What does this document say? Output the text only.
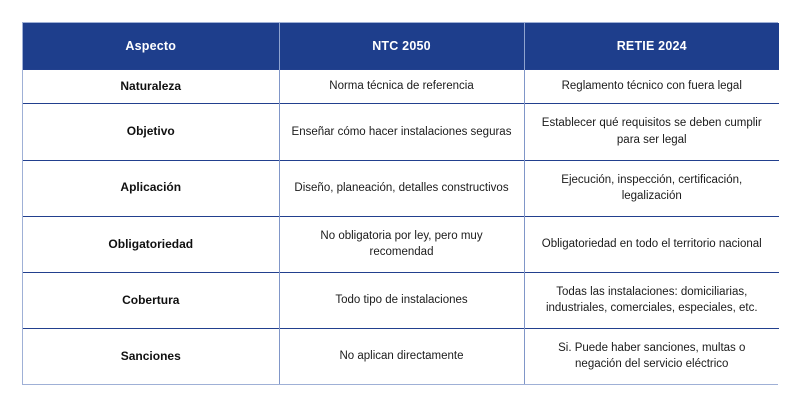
Aspecto	NTC 2050	RETIE 2024

Naturaleza	Norma técnica de referencia	Reglamento técnico con fuera legal

Objetivo	Enseñar cómo hacer instalaciones seguras	Establecer qué requisitos se deben cumplir para ser legal

Aplicación	Diseño, planeación, detalles constructivos	Ejecución, inspección, certificación, legalización

Obligatoriedad	No obligatoria por ley, pero muy recomendad	Obligatoriedad en todo el territorio nacional

Cobertura	Todo tipo de instalaciones	Todas las instalaciones: domiciliarias, industriales, comerciales, especiales, etc.

Sanciones	No aplican directamente	Si. Puede haber sanciones, multas o negación del servicio eléctrico
